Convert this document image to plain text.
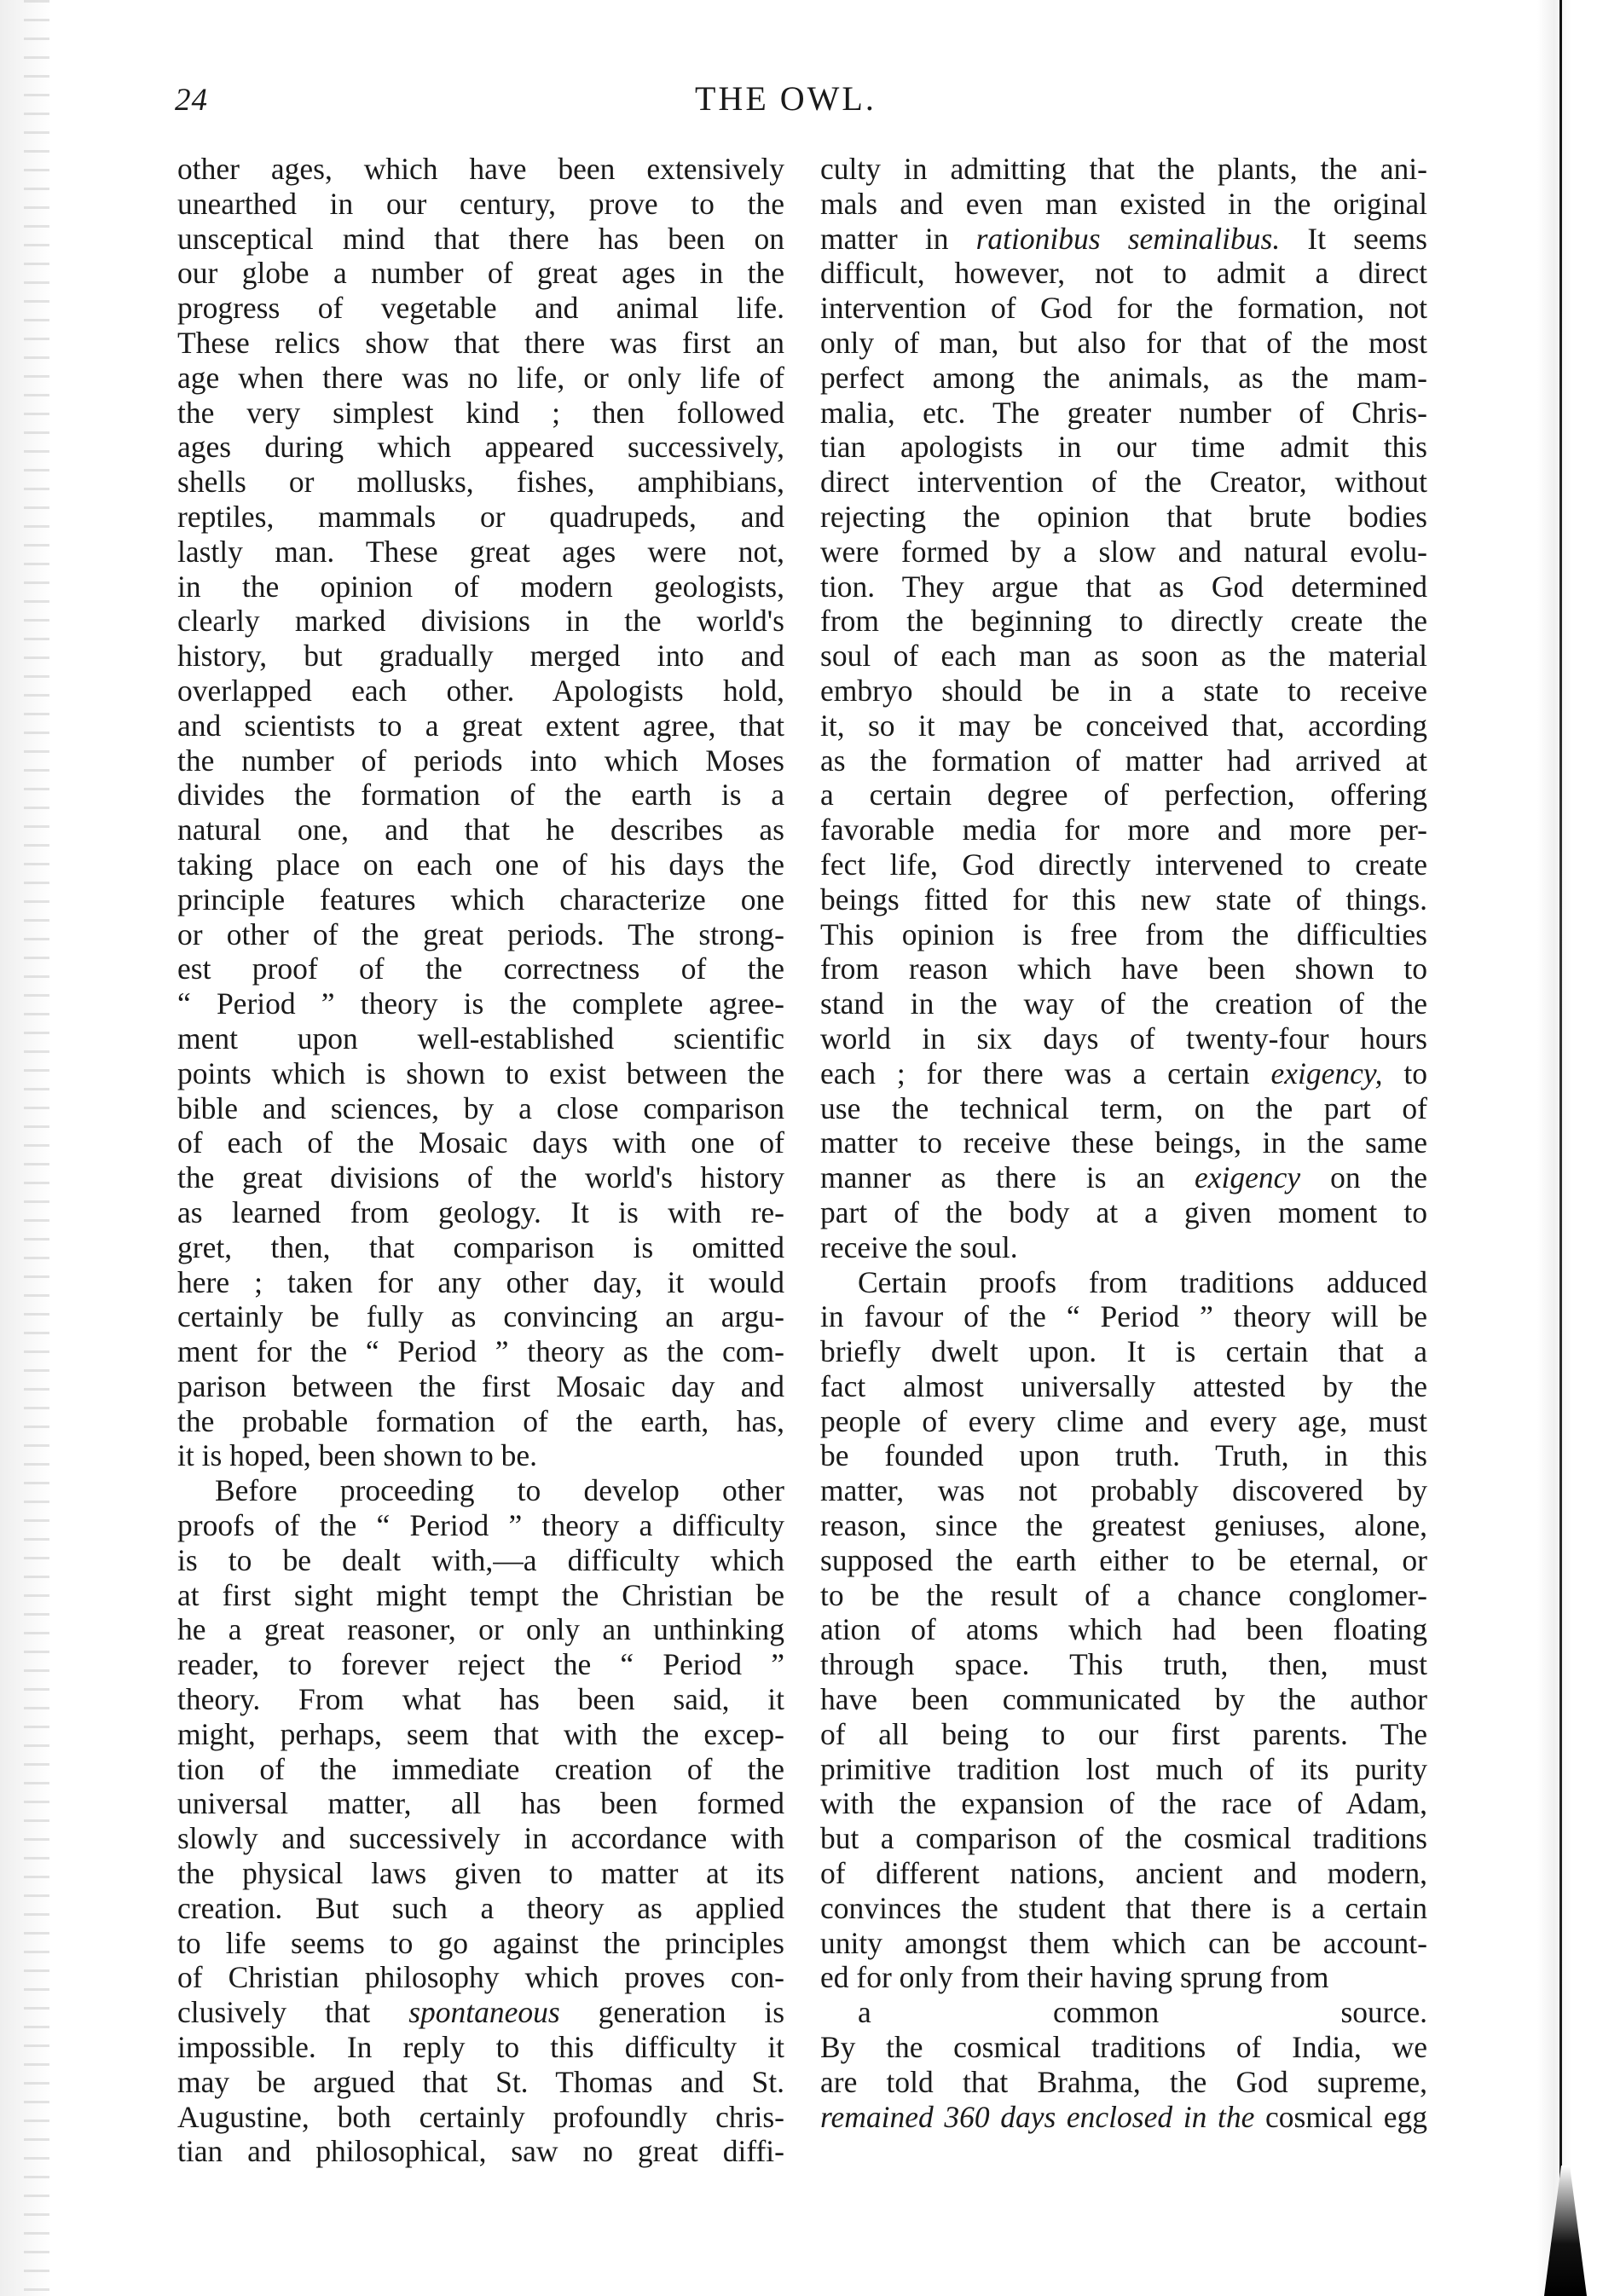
24	THE OWL.
other ages, which have been extensively
unearthed in our century, prove to the
unsceptical mind that there has been on
our globe a number of great ages in the
progress of vegetable and animal life.
These relics show that there was first an
age when there was no life, or only life of
the very simplest kind ; then followed
ages during which appeared successively,
shells or mollusks, fishes, amphibians,
reptiles, mammals or quadrupeds, and
lastly man. These great ages were not,
in the opinion of modern geologists,
clearly marked divisions in the world's
history, but gradually merged into and
overlapped each other. Apologists hold,
and scientists to a great extent agree, that
the number of periods into which Moses
divides the formation of the earth is a
natural one, and that he describes as
taking place on each one of his days the
principle features which characterize one
or other of the great periods. The strong-
est proof of the correctness of the
“ Period ” theory is the complete agree-
ment upon well-established scientific
points which is shown to exist between the
bible and sciences, by a close comparison
of each of the Mosaic days with one of
the great divisions of the world's history
as learned from geology. It is with re-
gret, then, that comparison is omitted
here ; taken for any other day, it would
certainly be fully as convincing an argu-
ment for the “ Period ” theory as the com-
parison between the first Mosaic day and
the probable formation of the earth, has,
it is hoped, been shown to be.
Before proceeding to develop other
proofs of the “ Period ” theory a difficulty
is to be dealt with,—a difficulty which
at first sight might tempt the Christian be
he a great reasoner, or only an unthinking
reader, to forever reject the “ Period ”
theory. From what has been said, it
might, perhaps, seem that with the excep-
tion of the immediate creation of the
universal matter, all has been formed
slowly and successively in accordance with
the physical laws given to matter at its
creation. But such a theory as applied
to life seems to go against the principles
of Christian philosophy which proves con-
clusively that spontaneous generation is
impossible. In reply to this difficulty it
may be argued that St. Thomas and St.
Augustine, both certainly profoundly chris-
tian and philosophical, saw no great diffi-
culty in admitting that the plants, the ani-
mals and even man existed in the original
matter in rationibus seminalibus. It seems
difficult, however, not to admit a direct
intervention of God for the formation, not
only of man, but also for that of the most
perfect among the animals, as the mam-
malia, etc. The greater number of Chris-
tian apologists in our time admit this
direct intervention of the Creator, without
rejecting the opinion that brute bodies
were formed by a slow and natural evolu-
tion. They argue that as God determined
from the beginning to directly create the
soul of each man as soon as the material
embryo should be in a state to receive
it, so it may be conceived that, according
as the formation of matter had arrived at
a certain degree of perfection, offering
favorable media for more and more per-
fect life, God directly intervened to create
beings fitted for this new state of things.
This opinion is free from the difficulties
from reason which have been shown to
stand in the way of the creation of the
world in six days of twenty-four hours
each ; for there was a certain exigency, to
use the technical term, on the part of
matter to receive these beings, in the same
manner as there is an exigency on the
part of the body at a given moment to
receive the soul.
Certain proofs from traditions adduced
in favour of the “ Period ” theory will be
briefly dwelt upon. It is certain that a
fact almost universally attested by the
people of every clime and every age, must
be founded upon truth. Truth, in this
matter, was not probably discovered by
reason, since the greatest geniuses, alone,
supposed the earth either to be eternal, or
to be the result of a chance conglomer-
ation of atoms which had been floating
through space. This truth, then, must
have been communicated by the author
of all being to our first parents. The
primitive tradition lost much of its purity
with the expansion of the race of Adam,
but a comparison of the cosmical traditions
of different nations, ancient and modern,
convinces the student that there is a certain
unity amongst them which can be account-
ed for only from their having sprung from
a common source.
By the cosmical traditions of India, we
are told that Brahma, the God supreme,
remained 360 days enclosed in the cosmical egg
